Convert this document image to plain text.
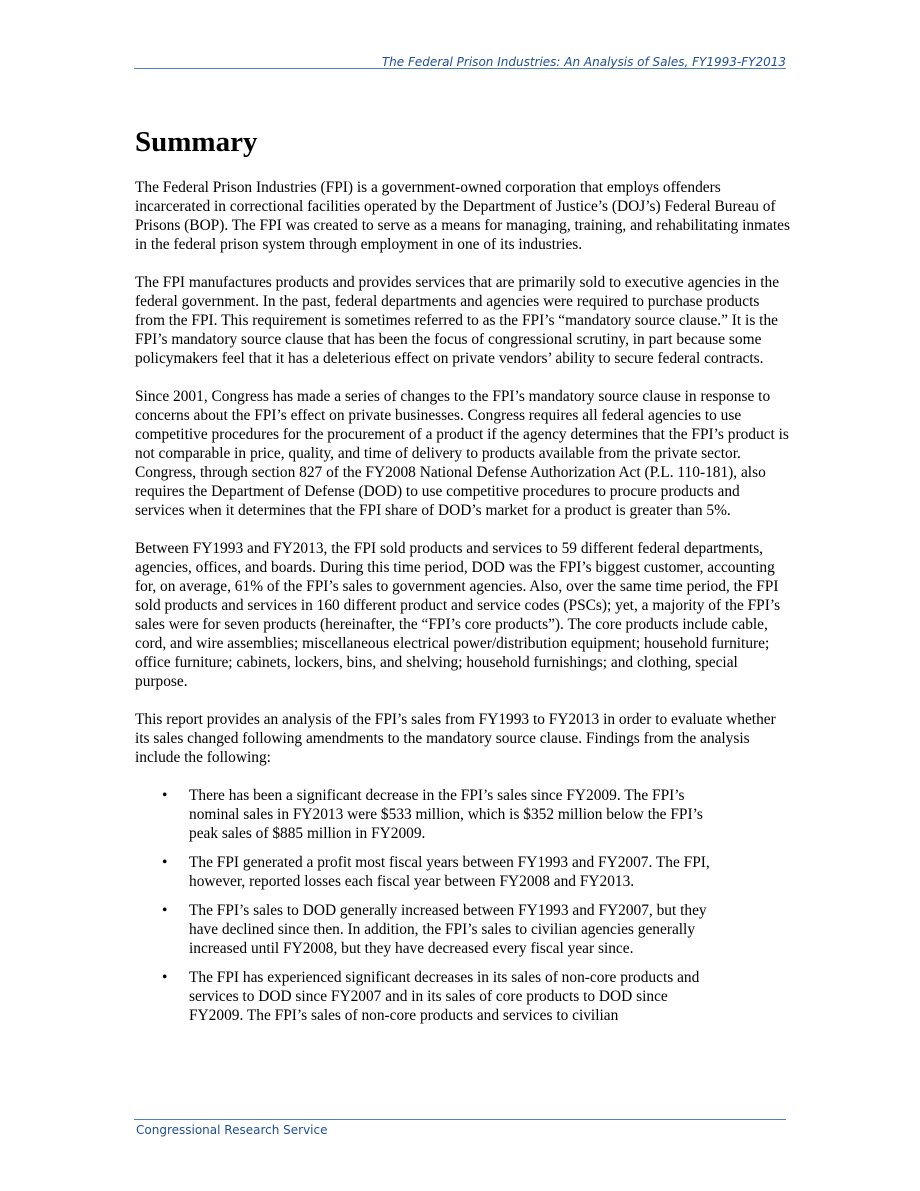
The Federal Prison Industries: An Analysis of Sales, FY1993-FY2013
Summary

The Federal Prison Industries (FPI) is a government-owned corporation that employs offenders incarcerated in correctional facilities operated by the Department of Justice’s (DOJ’s) Federal Bureau of Prisons (BOP). The FPI was created to serve as a means for managing, training, and rehabilitating inmates in the federal prison system through employment in one of its industries.

The FPI manufactures products and provides services that are primarily sold to executive agencies in the federal government. In the past, federal departments and agencies were required to purchase products from the FPI. This requirement is sometimes referred to as the FPI’s “mandatory source clause.” It is the FPI’s mandatory source clause that has been the focus of congressional scrutiny, in part because some policymakers feel that it has a deleterious effect on private vendors’ ability to secure federal contracts.

Since 2001, Congress has made a series of changes to the FPI’s mandatory source clause in response to concerns about the FPI’s effect on private businesses. Congress requires all federal agencies to use competitive procedures for the procurement of a product if the agency determines that the FPI’s product is not comparable in price, quality, and time of delivery to products available from the private sector. Congress, through section 827 of the FY2008 National Defense Authorization Act (P.L. 110-181), also requires the Department of Defense (DOD) to use competitive procedures to procure products and services when it determines that the FPI share of DOD’s market for a product is greater than 5%.

Between FY1993 and FY2013, the FPI sold products and services to 59 different federal departments, agencies, offices, and boards. During this time period, DOD was the FPI’s biggest customer, accounting for, on average, 61% of the FPI’s sales to government agencies. Also, over the same time period, the FPI sold products and services in 160 different product and service codes (PSCs); yet, a majority of the FPI’s sales were for seven products (hereinafter, the “FPI’s core products”). The core products include cable, cord, and wire assemblies; miscellaneous electrical power/distribution equipment; household furniture; office furniture; cabinets, lockers, bins, and shelving; household furnishings; and clothing, special purpose.

This report provides an analysis of the FPI’s sales from FY1993 to FY2013 in order to evaluate whether its sales changed following amendments to the mandatory source clause. Findings from the analysis include the following:

• There has been a significant decrease in the FPI’s sales since FY2009. The FPI’s nominal sales in FY2013 were $533 million, which is $352 million below the FPI’s peak sales of $885 million in FY2009.
• The FPI generated a profit most fiscal years between FY1993 and FY2007. The FPI, however, reported losses each fiscal year between FY2008 and FY2013.
• The FPI’s sales to DOD generally increased between FY1993 and FY2007, but they have declined since then. In addition, the FPI’s sales to civilian agencies generally increased until FY2008, but they have decreased every fiscal year since.
• The FPI has experienced significant decreases in its sales of non-core products and services to DOD since FY2007 and in its sales of core products to DOD since FY2009. The FPI’s sales of non-core products and services to civilian
Congressional Research Service
